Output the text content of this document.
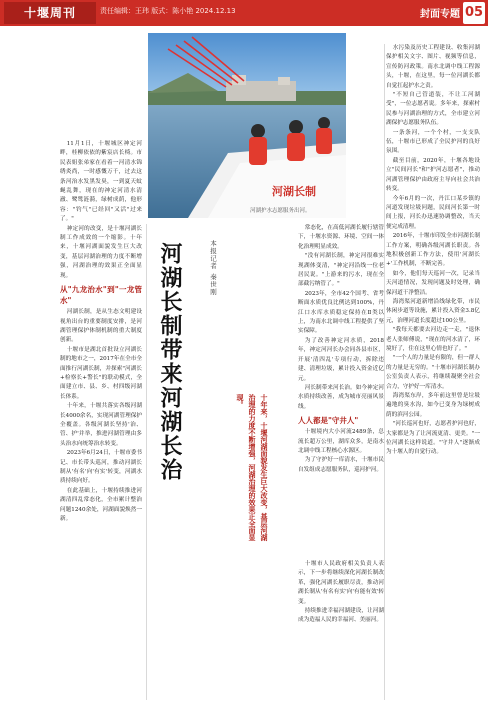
十堰周刊	责任编辑：王玮 版式：陈小艳 2024.12.13	封面专题 05
河湖长制
河湖护水志愿服务出河。

11月1日，十堰城区神定河畔，桂柳依依的紫宸店长椅。市民表姐张弟家在看着一河清水锦绣炎尚，一时感慨万千，过去这条河治水发黑发臭，一到夏天蚊蝇乱舞，现在的神定河清水清澈、鹭鸶涟漪，绿树成荫，他形容："钓气"已经回"又活"过来了。"

神定河的改变，是十堰河湖长制工作成效的一个缩影。十年来，十堰河湖面貌发生巨大改变，基层河湖治理的力度不断增强，河湖治理的效果正全面显现。

从"九龙治水"到"一龙管水"

河湖长制，是从生态文明建设视角出台的重要制度安排，是河湖管理保护体制机制的重大制度创新。

十堰市是湖北首批设立河湖长制的地市之一，2017年在全市全面推行河湖长制，并探索"河湖长+检察长+警长"的联动模式，全面建立市、县、乡、村四级河湖长体系。

十年来，十堰共落实各级河湖长4000余名，实现河湖管理保护全覆盖。各级河湖长坚持'治、管、护'并举，推进河湖管理由多头治水向统筹治水转变。

2023年6月24日，十堰市委书记、市长带头巡河，推动河湖长制从'有名'向'有实'转变，河湖水质持续向好。

在此基础上，十堰持续推进河湖清四乱常态化，全市累计整治问题1240余处，河湖面貌焕然一新。

河湖长制带来河湖长治	本报记者 秦世刚
十年来，十堰河湖面貌发生巨大改变，基层河湖治理的力度不断增强，河湖治理的效果正全面显现。

常态化，在高低河湖长履行辖管下，十堰水资源、环境、空间一体化治理明显成效。

"没有河湖长制，神定河很难实现湖体变清，"神定河沿线一位老居民说。"上游来的污水，现在全部截污纳管了。"

2023年，全市42个国考、省考断面水质优良比例达到100%，丹江口水库水质稳定保持在Ⅱ类以上，为南水北调中线工程提供了坚实保障。

为了改善神定河水质，2018年，神定河河长办会同各县市区，开展'清四乱'专项行动，拆除违建、清理垃圾，累计投入资金近亿元。

河长制带来河长治。如今神定河水质持续改善，成为城市亮丽风景线。

人人都是"守井人"

十堰境内大小河流2489条，总流长超万公里，湖库众多，是南水北调中线工程核心水源区。

为了守护好一库清水，十堰市民自发组成志愿服务队，巡河护河。

十堰市人民政府相关负责人表示，下一步将继续深化河湖长制改革，强化河湖长履职尽责，推动河湖长制从'有名有实'向'有能有效'转变。

持续推进幸福河湖建设，让河湖成为造福人民的幸福河、美丽河。

水污染及历史工程建设、收集河湖保护相关文字、图片、视频等信息，宣传防河政策。南水北调中线工程源头，十堰，在这里，每一位河湖长都自觉扛起护水之责。

"不短自己管道装，不让工河湖受"，一位志愿者说。多年来，探索村民参与河湖治理的方式，全市建立河湖保护志愿服务队伍。

一条条河，一个个村，一支支队伍，十堰市已形成了全民护河的良好氛围。

截至目前，2020年，十堰各地设立"民间河长"和"护河志愿者"，推动河湖管理保护由政府主导向社会共治转变。

今年6月的一次，丹江口某乡镇的河道发现垃圾问题，民间河长第一时间上报，河长办迅速协调整改，当天便完成清理。

2016年，十堰市印发全市河湖长制工作方案，明确各级河湖长职责。各地积极创新工作方法，使用'河湖长+'工作机制，不断完善。

如今，他们每天巡河一次，记录当天河道情况，发现问题及时处理，确保河道干净整洁。

海湾渠河道新增沿线绿化带，市民休闲步道等设施，累计投入资金3.8亿元，治理河道长度超过100公里。

"我每天都要去河边走一走，"退休老人张师傅说，"现在的河水清了，环境好了，住在这里心情也好了。"

"一个人的力量是有限的，但一群人的力量是无穷的。"十堰市河湖长制办公室负责人表示，将继续凝聚全社会合力，守护好一库清水。

海湾渠东岸，多年前这里曾是垃圾遍地的臭水沟，如今已变身为绿树成荫的滨河公园。

"河长巡河也好，志愿者护河也好，大家都是为了让河流更清、更美。"一位河湖长这样说道。"守井人"逐渐成为十堰人的自觉行动。
